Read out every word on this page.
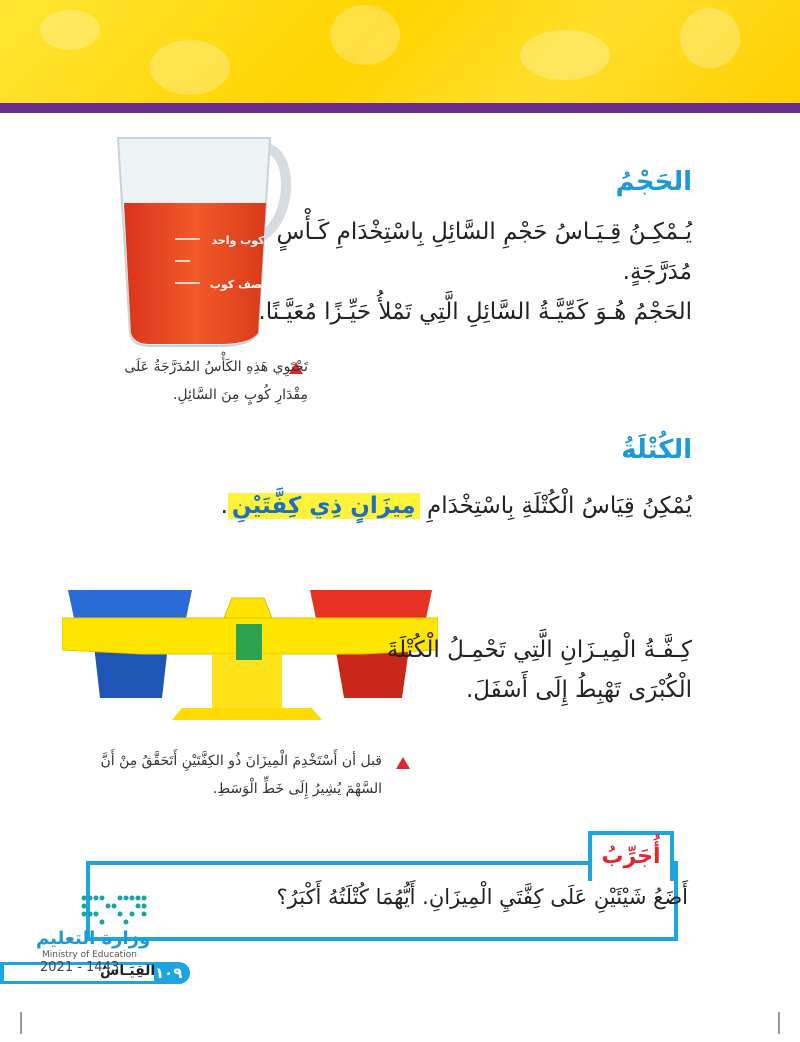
كوب واحد
نصف كوب
الحَجْمُ
يُـمْكِـنُ قِـيَـاسُ حَجْمِ السَّائِلِ بِاسْتِخْدَامِ كَـأْسٍ
مُدَرَّجَةٍ.
الحَجْمُ هُـوَ كَمِّيَّـةُ السَّائِلِ الَّتِي تَمْلأُ حَيِّـزًا مُعَيَّـنًا.
تَحْتَوِي هَذِهِ الكَأْسُ المُدَرَّجَةُ عَلَى
مِقْدَارِ كُوبٍ مِنَ السَّائِلِ.
الكُتْلَةُ
يُمْكِنُ قِيَاسُ الْكُتْلَةِ بِاسْتِخْدَامِ مِيزَانٍ ذِي كِفَّتَيْنِ.
كِـفَّـةُ الْمِيـزَانِ الَّتِي تَحْمِـلُ الْكُتْلَةَ
الْكُبْرَى تَهْبِطُ إِلَى أَسْفَلَ.
قبل أن أَسْتَخْدِمَ الْمِيزَانَ ذُو الكِفَّتَيْنِ أَتَحَقَّقُ مِنْ أَنَّ
السَّهْمَ يُشِيرُ إِلَى خَطِّ الْوَسَطِ.
أُجَرِّبُ
أَضَعُ شَيْئَيْنِ عَلَى كِفَّتَيِ الْمِيزَانِ. أَيُّهُمَا كُتْلَتُهُ أَكْبَرُ؟
وزارة التعليم
Ministry of Education
2021 - 1443
القِيَـاسُ ١٠٩
